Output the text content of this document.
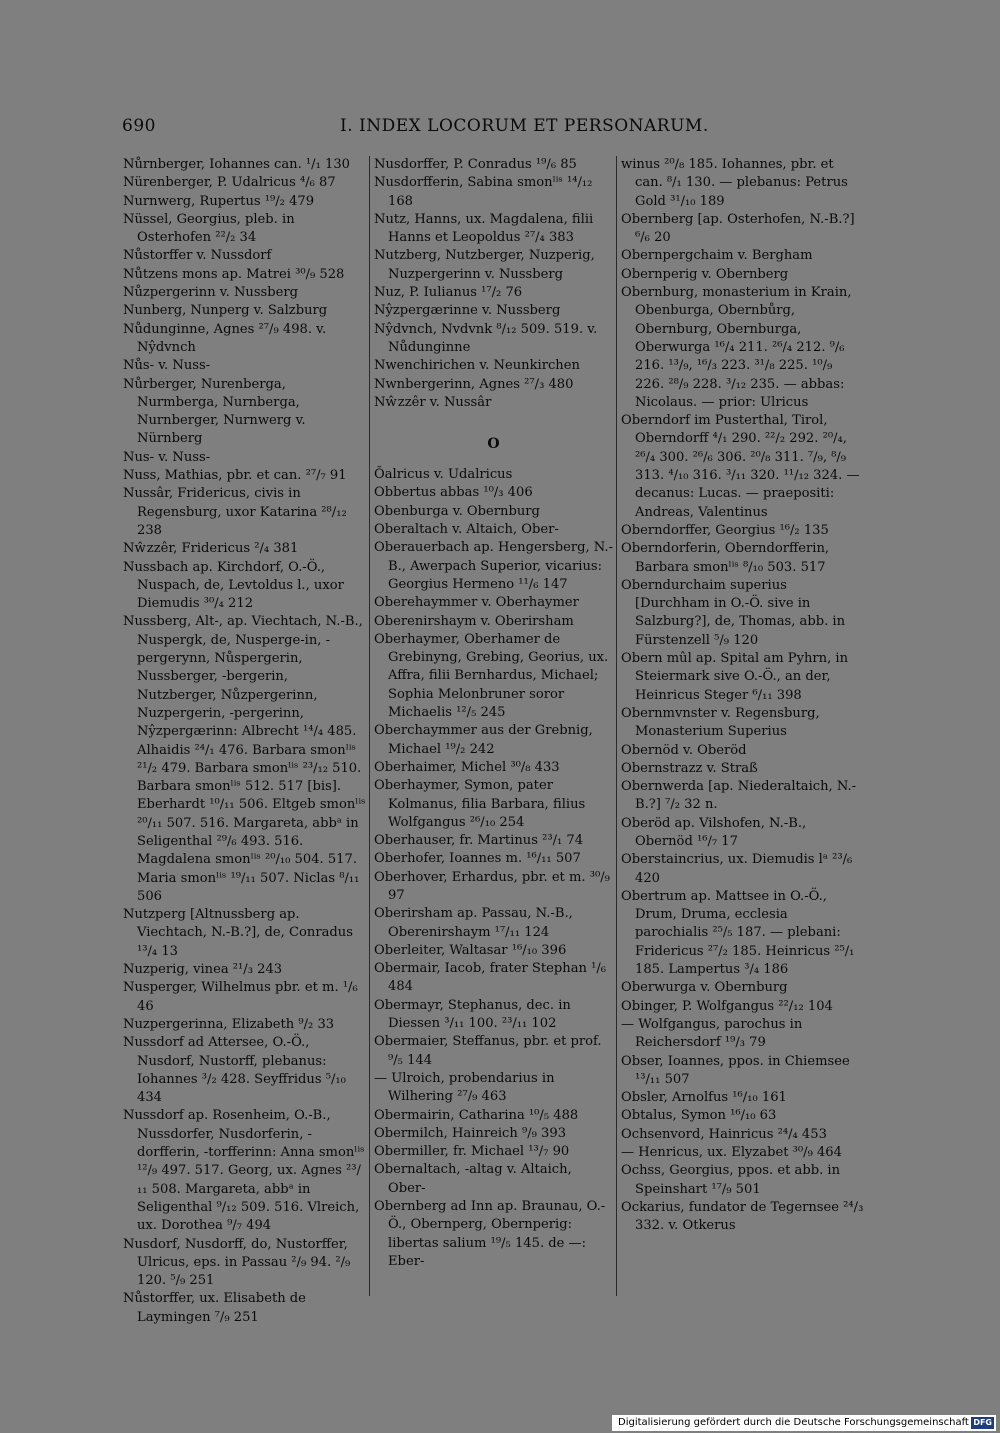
690	I. INDEX LOCORUM ET PERSONARUM.
Nůrnberger, Iohannes can. ¹/₁ 130
Nürenberger, P. Udalricus ⁴/₆ 87
Nurnwerg, Rupertus ¹⁹/₂ 479
Nüssel, Georgius, pleb. in Osterhofen ²²/₂ 34
Nůstorffer v. Nussdorf
Nůtzens mons ap. Matrei ³⁰/₉ 528
Nůzpergerinn v. Nussberg
Nunberg, Nunperg v. Salzburg
Nůdunginne, Agnes ²⁷/₉ 498. v. Nŷdvnch
Nůs- v. Nuss-
Nůrberger, Nurenberga, Nurmberga, Nurnberga, Nurnberger, Nurnwerg v. Nürnberg
Nus- v. Nuss-
Nuss, Mathias, pbr. et can. ²⁷/₇ 91
Nussâr, Fridericus, civis in Regensburg, uxor Katarina ²⁸/₁₂ 238
Nŵzzêr, Fridericus ²/₄ 381
Nussbach ap. Kirchdorf, O.-Ö., Nuspach, de, Levtoldus l., uxor Diemudis ³⁰/₄ 212
Nussberg, Alt-, ap. Viechtach, N.-B., Nuspergk, de, Nusperge-in, -pergerynn, Nůspergerin, Nussberger, -bergerin, Nutzberger, Nůzpergerinn, Nuzpergerin, -pergerinn, Nŷzpergærinn: Albrecht ¹⁴/₄ 485. Alhaidis ²⁴/₁ 476. Barbara smonˡⁱˢ ²¹/₂ 479. Barbara smonˡⁱˢ ²³/₁₂ 510. Barbara smonˡⁱˢ 512. 517 [bis]. Eberhardt ¹⁰/₁₁ 506. Eltgeb smonˡⁱˢ ²⁰/₁₁ 507. 516. Margareta, abbᵃ in Seligenthal ²⁹/₆ 493. 516. Magdalena smonˡⁱˢ ²⁰/₁₀ 504. 517. Maria smonˡⁱˢ ¹⁹/₁₁ 507. Niclas ⁸/₁₁ 506
Nutzperg [Altnussberg ap. Viechtach, N.-B.?], de, Conradus ¹³/₄ 13
Nuzperig, vinea ²¹/₃ 243
Nusperger, Wilhelmus pbr. et m. ¹/₆ 46
Nuzpergerinna, Elizabeth ⁹/₂ 33
Nussdorf ad Attersee, O.-Ö., Nusdorf, Nustorff, plebanus: Iohannes ³/₂ 428. Seyffridus ⁵/₁₀ 434
Nussdorf ap. Rosenheim, O.-B., Nussdorfer, Nusdorferin, -dorfferin, -torfferinn: Anna smonˡⁱˢ ¹²/₉ 497. 517. Georg, ux. Agnes ²³/₁₁ 508. Margareta, abbᵃ in Seligenthal ⁹/₁₂ 509. 516. Vlreich, ux. Dorothea ⁹/₇ 494
Nusdorf, Nusdorff, do, Nustorffer, Ulricus, eps. in Passau ²/₉ 94. ²/₉ 120. ⁵/₉ 251
Nůstorffer, ux. Elisabeth de Laymingen ⁷/₉ 251
Nusdorffer, P. Conradus ¹⁹/₆ 85
Nusdorfferin, Sabina smonˡⁱˢ ¹⁴/₁₂ 168
Nutz, Hanns, ux. Magdalena, filii Hanns et Leopoldus ²⁷/₄ 383
Nutzberg, Nutzberger, Nuzperig, Nuzpergerinn v. Nussberg
Nuz, P. Iulianus ¹⁷/₂ 76
Nŷzpergærinne v. Nussberg
Nŷdvnch, Nvdvnk ⁸/₁₂ 509. 519. v. Nůdunginne
Nwenchirichen v. Neunkirchen
Nwnbergerinn, Agnes ²⁷/₃ 480
Nŵzzêr v. Nussâr
O
Ŏalricus v. Udalricus
Obbertus abbas ¹⁰/₃ 406
Obenburga v. Obernburg
Oberaltach v. Altaich, Ober-
Oberauerbach ap. Hengersberg, N.-B., Awerpach Superior, vicarius: Georgius Hermeno ¹¹/₆ 147
Oberehaymmer v. Oberhaymer
Oberenirshaym v. Oberirsham
Oberhaymer, Oberhamer de Grebinyng, Grebing, Georius, ux. Affra, filii Bernhardus, Michael; Sophia Melonbruner soror Michaelis ¹²/₅ 245
Oberchaymmer aus der Grebnig, Michael ¹⁹/₂ 242
Oberhaimer, Michel ³⁰/₈ 433
Oberhaymer, Symon, pater Kolmanus, filia Barbara, filius Wolfgangus ²⁶/₁₀ 254
Oberhauser, fr. Martinus ²³/₁ 74
Oberhofer, Ioannes m. ¹⁶/₁₁ 507
Oberhover, Erhardus, pbr. et m. ³⁰/₉ 97
Oberirsham ap. Passau, N.-B., Oberenirshaym ¹⁷/₁₁ 124
Oberleiter, Waltasar ¹⁶/₁₀ 396
Obermair, Iacob, frater Stephan ¹/₆ 484
Obermayr, Stephanus, dec. in Diessen ³/₁₁ 100. ²³/₁₁ 102
Obermaier, Steffanus, pbr. et prof. ⁹/₅ 144
— Ulroich, probendarius in Wilhering ²⁷/₉ 463
Obermairin, Catharina ¹⁰/₅ 488
Obermilch, Hainreich ⁹/₉ 393
Obermiller, fr. Michael ¹³/₇ 90
Obernaltach, -altag v. Altaich, Ober-
Obernberg ad Inn ap. Braunau, O.-Ö., Obernperg, Obernperig: libertas salium ¹⁹/₅ 145. de —: Eber-
winus ²⁰/₈ 185. Iohannes, pbr. et can. ⁸/₁ 130. — plebanus: Petrus Gold ³¹/₁₀ 189
Obernberg [ap. Osterhofen, N.-B.?] ⁶/₆ 20
Obernpergchaim v. Bergham
Obernperig v. Obernberg
Obernburg, monasterium in Krain, Obenburga, Obernbůrg, Obernburg, Obernburga, Oberwurga ¹⁶/₄ 211. ²⁶/₄ 212. ⁹/₆ 216. ¹³/₉, ¹⁶/₃ 223. ³¹/₈ 225. ¹⁰/₉ 226. ²⁸/₉ 228. ³/₁₂ 235. — abbas: Nicolaus. — prior: Ulricus
Oberndorf im Pusterthal, Tirol, Oberndorff ⁴/₁ 290. ²²/₂ 292. ²⁰/₄, ²⁶/₄ 300. ²⁶/₆ 306. ²⁰/₈ 311. ⁷/₉, ⁸/₉ 313. ⁴/₁₀ 316. ³/₁₁ 320. ¹¹/₁₂ 324. — decanus: Lucas. — praepositi: Andreas, Valentinus
Oberndorffer, Georgius ¹⁶/₂ 135
Oberndorferin, Oberndorfferin, Barbara smonˡⁱˢ ⁸/₁₀ 503. 517
Oberndurchaim superius [Durchham in O.-Ö. sive in Salzburg?], de, Thomas, abb. in Fürstenzell ⁵/₉ 120
Obern mûl ap. Spital am Pyhrn, in Steiermark sive O.-Ö., an der, Heinricus Steger ⁶/₁₁ 398
Obernmvnster v. Regensburg, Monasterium Superius
Obernöd v. Oberöd
Obernstrazz v. Straß
Obernwerda [ap. Niederaltaich, N.-B.?] ⁷/₂ 32 n.
Oberöd ap. Vilshofen, N.-B., Obernöd ¹⁶/₇ 17
Oberstaincrius, ux. Diemudis lᵃ ²³/₆ 420
Obertrum ap. Mattsee in O.-Ö., Drum, Druma, ecclesia parochialis ²⁵/₅ 187. — plebani: Fridericus ²⁷/₂ 185. Heinricus ²⁵/₁ 185. Lampertus ³/₄ 186
Oberwurga v. Obernburg
Obinger, P. Wolfgangus ²²/₁₂ 104
— Wolfgangus, parochus in Reichersdorf ¹⁹/₃ 79
Obser, Ioannes, ppos. in Chiemsee ¹³/₁₁ 507
Obsler, Arnolfus ¹⁶/₁₀ 161
Obtalus, Symon ¹⁶/₁₀ 63
Ochsenvord, Hainricus ²⁴/₄ 453
— Henricus, ux. Elyzabet ³⁰/₉ 464
Ochss, Georgius, ppos. et abb. in Speinshart ¹⁷/₉ 501
Ockarius, fundator de Tegernsee ²⁴/₃ 332. v. Otkerus
Digitalisierung gefördert durch die Deutsche Forschungsgemeinschaft DFG
